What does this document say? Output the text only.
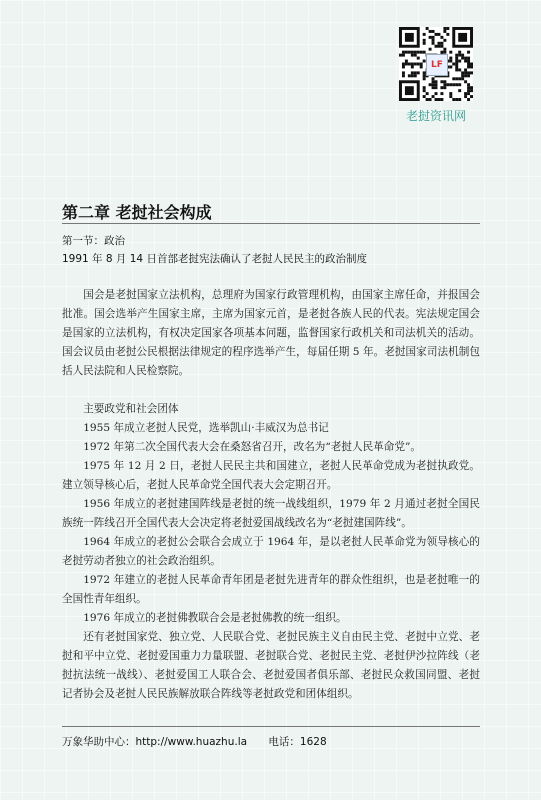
LF
老挝资讯网
第二章 老挝社会构成
第一节：政治
1991 年 8 月 14 日首部老挝宪法确认了老挝人民民主的政治制度

国会是老挝国家立法机构，总理府为国家行政管理机构，由国家主席任命，并报国会批准。国会选举产生国家主席，主席为国家元首，是老挝各族人民的代表。宪法规定国会是国家的立法机构，有权决定国家各项基本问题，监督国家行政机关和司法机关的活动。国会议员由老挝公民根据法律规定的程序选举产生，每届任期 5 年。老挝国家司法机制包括人民法院和人民检察院。

主要政党和社会团体

1955 年成立老挝人民党，选举凯山·丰威汉为总书记

1972 年第二次全国代表大会在桑怒省召开，改名为“老挝人民革命党”。

1975 年 12 月 2 日，老挝人民民主共和国建立，老挝人民革命党成为老挝执政党。建立领导核心后，老挝人民革命党全国代表大会定期召开。

1956 年成立的老挝建国阵线是老挝的统一战线组织，1979 年 2 月通过老挝全国民族统一阵线召开全国代表大会决定将老挝爱国战线改名为“老挝建国阵线”。

1964 年成立的老挝公会联合会成立于 1964 年，是以老挝人民革命党为领导核心的老挝劳动者独立的社会政治组织。

1972 年建立的老挝人民革命青年团是老挝先进青年的群众性组织，也是老挝唯一的全国性青年组织。

1976 年成立的老挝佛教联合会是老挝佛教的统一组织。

还有老挝国家党、独立党、人民联合党、老挝民族主义自由民主党、老挝中立党、老挝和平中立党、老挝爱国重力力量联盟、老挝联合党、老挝民主党、老挝伊沙拉阵线（老挝抗法统一战线）、老挝爱国工人联合会、老挝爱国者俱乐部、老挝民众救国同盟、老挝记者协会及老挝人民民族解放联合阵线等老挝政党和团体组织。

万象华助中心：http://www.huazhu.la 电话：1628
